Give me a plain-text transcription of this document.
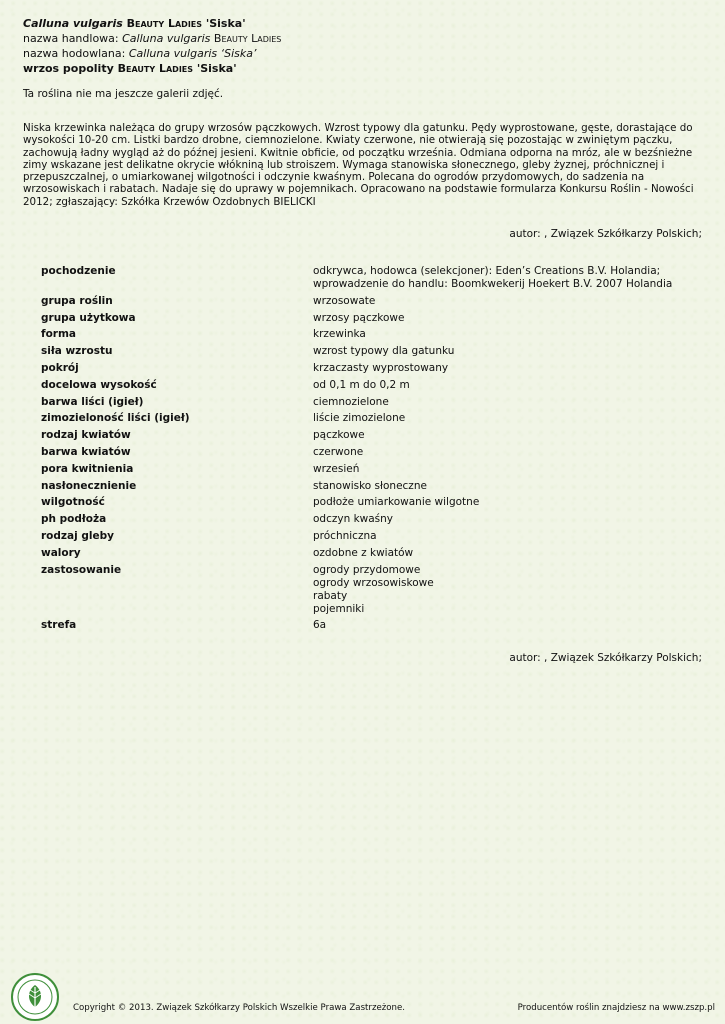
Calluna vulgaris Beauty Ladies 'Siska'
nazwa handlowa: Calluna vulgaris Beauty Ladies
nazwa hodowlana: Calluna vulgaris ‘Siska’
wrzos popolity Beauty Ladies 'Siska'
Ta roślina nie ma jeszcze galerii zdjęć.
Niska krzewinka należąca do grupy wrzosów pączkowych. Wzrost typowy dla gatunku. Pędy wyprostowane, gęste, dorastające do wysokości 10-20 cm. Listki bardzo drobne, ciemnozielone. Kwiaty czerwone, nie otwierają się pozostając w zwiniętym pączku, zachowują ładny wygląd aż do późnej jesieni. Kwitnie obficie, od początku września. Odmiana odporna na mróz, ale w bezśnieżne zimy wskazane jest delikatne okrycie włókniną lub stroiszem. Wymaga stanowiska słonecznego, gleby żyznej, próchnicznej i przepuszczalnej, o umiarkowanej wilgotności i odczynie kwaśnym. Polecana do ogrodów przydomowych, do sadzenia na wrzosowiskach i rabatach. Nadaje się do uprawy w pojemnikach. Opracowano na podstawie formularza Konkursu Roślin - Nowości 2012; zgłaszający: Szkółka Krzewów Ozdobnych BIELICKI
autor: , Związek Szkółkarzy Polskich;
pochodzenie	odkrywca, hodowca (selekcjoner): Eden’s Creations B.V. Holandia;
wprowadzenie do handlu: Boomkwekerij Hoekert B.V. 2007 Holandia
grupa roślin	wrzosowate
grupa użytkowa	wrzosy pączkowe
forma	krzewinka
siła wzrostu	wzrost typowy dla gatunku
pokrój	krzaczasty wyprostowany
docelowa wysokość	od 0,1 m do 0,2 m
barwa liści (igieł)	ciemnozielone
zimozieloność liści (igieł)	liście zimozielone
rodzaj kwiatów	pączkowe
barwa kwiatów	czerwone
pora kwitnienia	wrzesień
nasłonecznienie	stanowisko słoneczne
wilgotność	podłoże umiarkowanie wilgotne
ph podłoża	odczyn kwaśny
rodzaj gleby	próchniczna
walory	ozdobne z kwiatów
zastosowanie	ogrody przydomowe
ogrody wrzosowiskowe
rabaty
pojemniki
strefa	6a
autor: , Związek Szkółkarzy Polskich;
Copyright © 2013. Związek Szkółkarzy Polskich Wszelkie Prawa Zastrzeżone.	Producentów roślin znajdziesz na www.zszp.pl
